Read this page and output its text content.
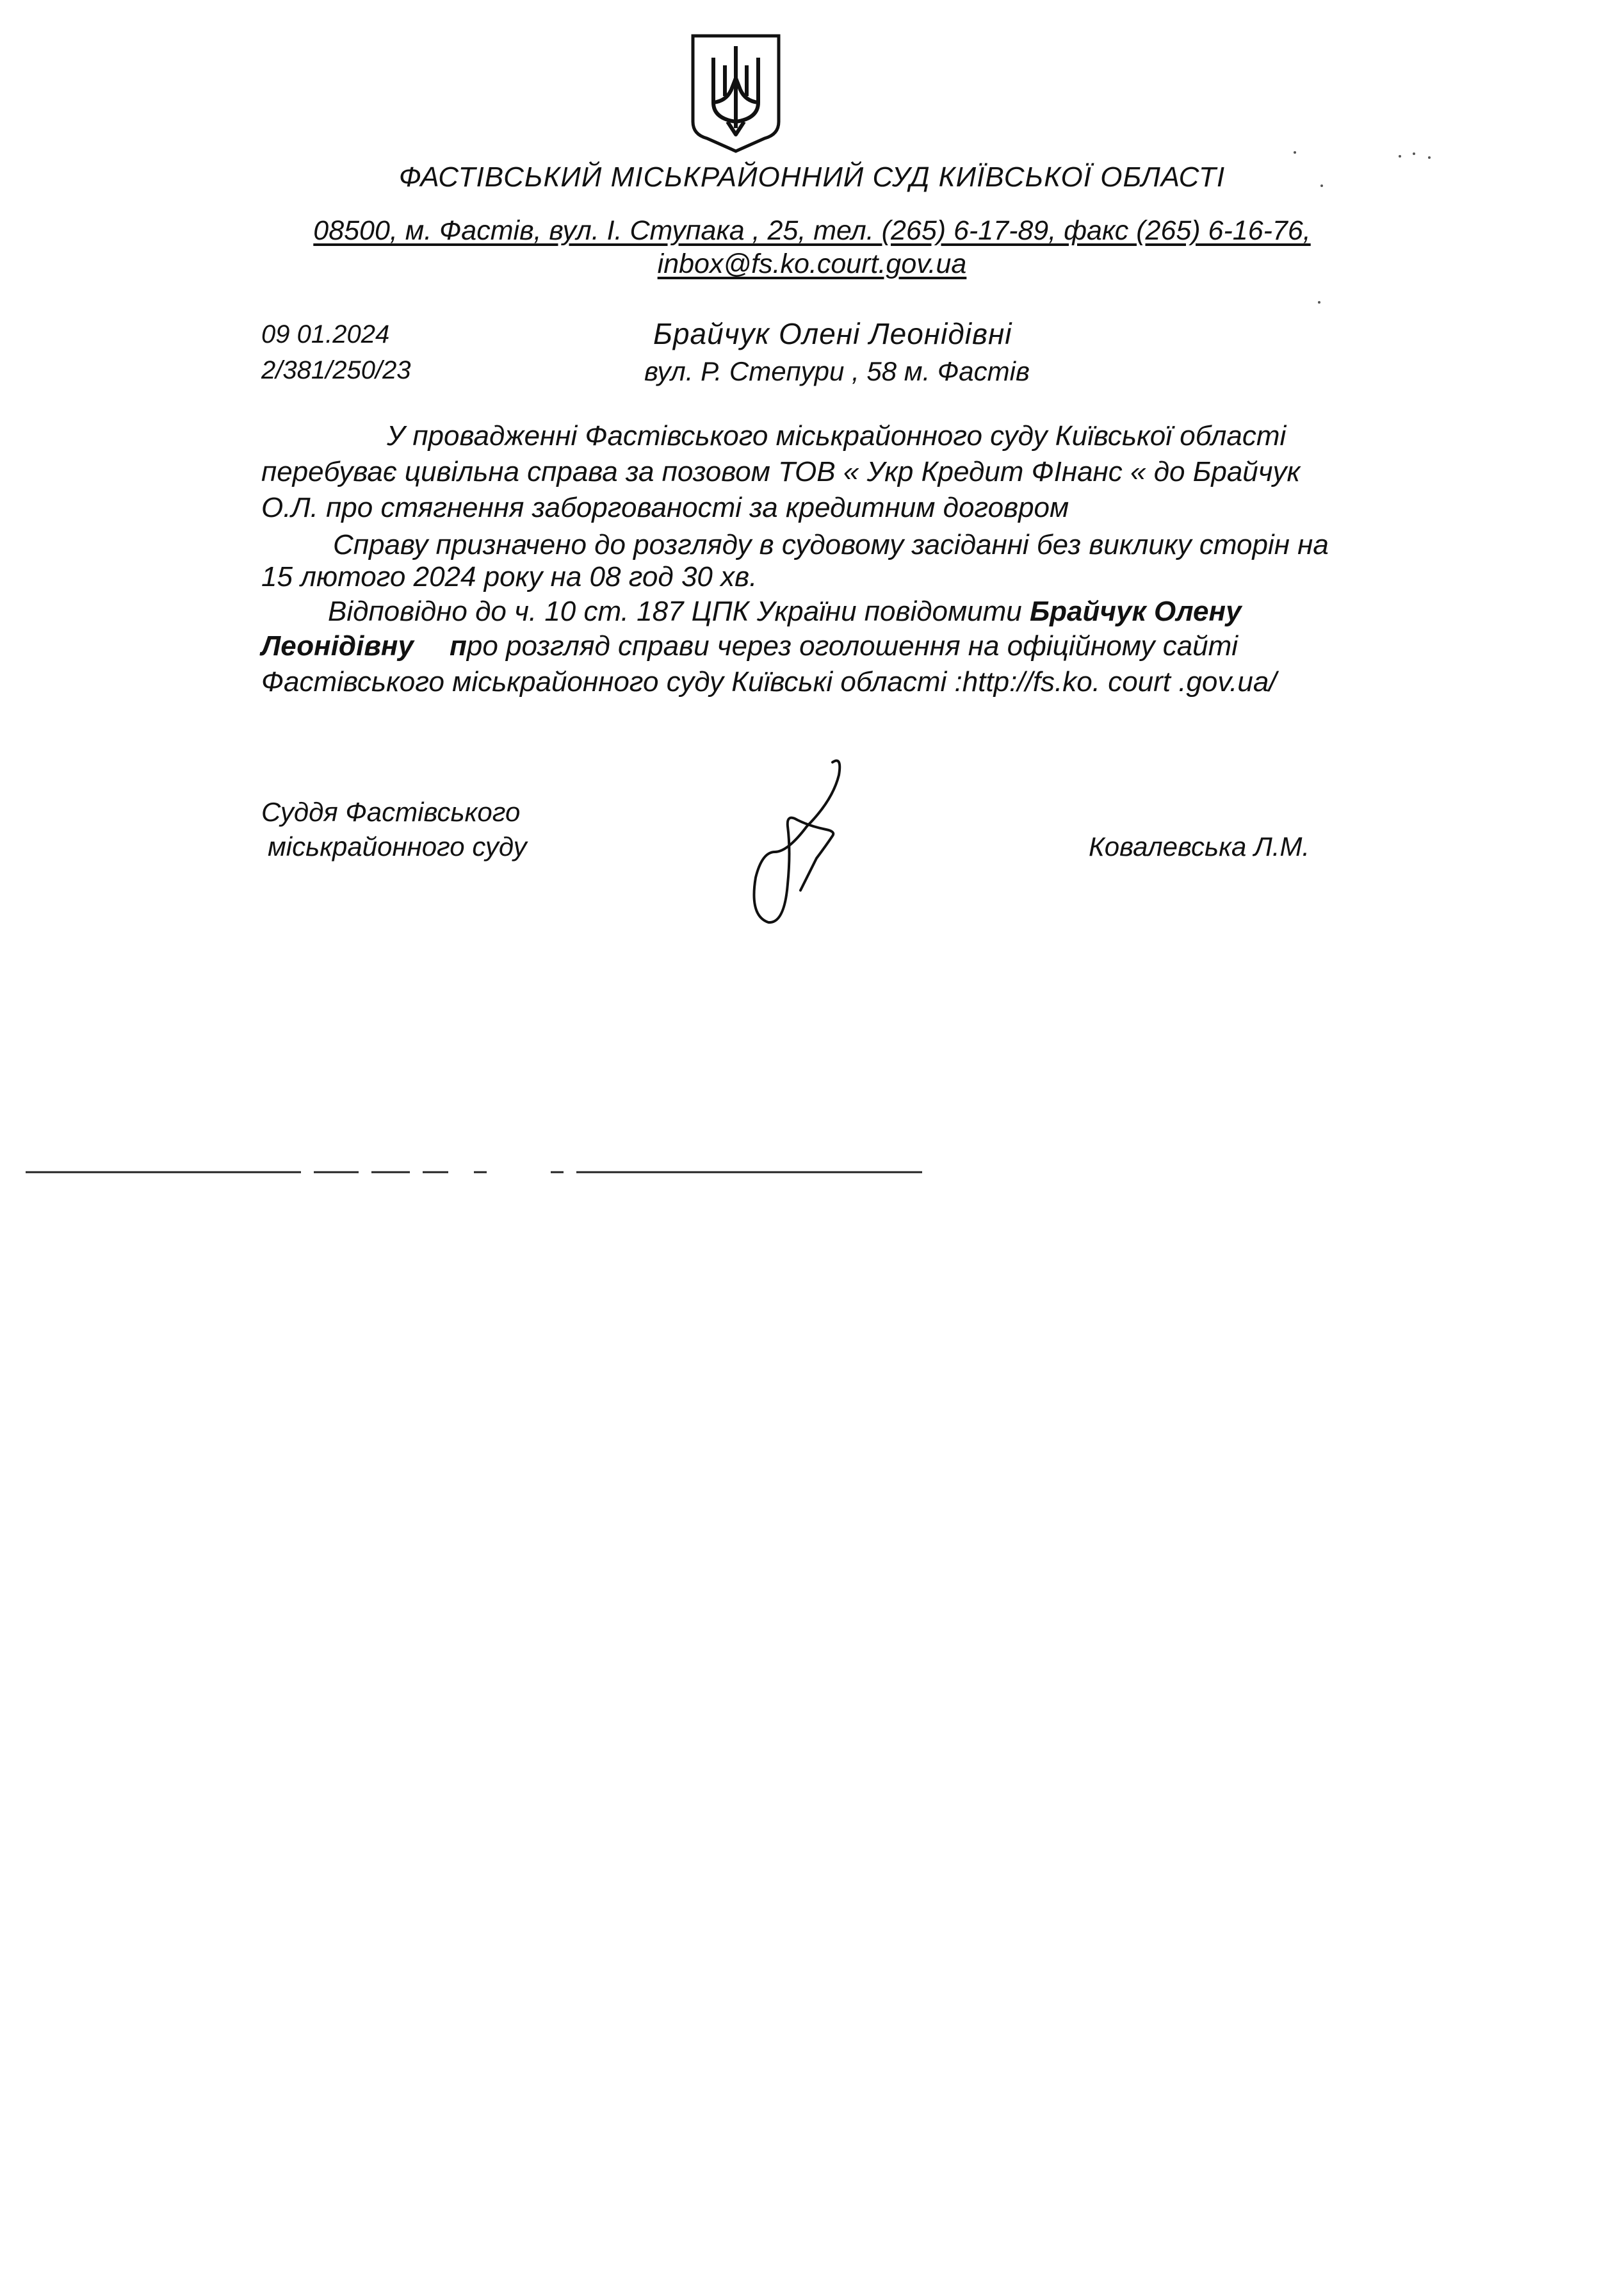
ФАСТІВСЬКИЙ МІСЬКРАЙОННИЙ СУД КИЇВСЬКОЇ ОБЛАСТІ
08500, м. Фастів, вул. І. Ступака , 25, тел. (265) 6-17-89, факс (265) 6-16-76,
inbox@fs.ko.court.gov.ua
09 01.2024
2/381/250/23
Брайчук Олені Леонідівні
вул. Р. Степури , 58 м. Фастів
У провадженні Фастівського міськрайонного суду Київської області
перебуває цивільна справа за позовом ТОВ « Укр Кредит ФІнанс « до Брайчук
О.Л. про стягнення заборгованості за кредитним договром
Справу призначено до розгляду в судовому засіданні без виклику сторін на
15 лютого 2024 року на 08 год 30 хв.
Відповідно до ч. 10 ст. 187 ЦПК України повідомити Брайчук Олену
Леонідівну про розгляд справи через оголошення на офіційному сайті
Фастівського міськрайонного суду Київські області :http://fs.ko. court .gov.ua/
Суддя Фастівського
міськрайонного суду	Ковалевська Л.М.
